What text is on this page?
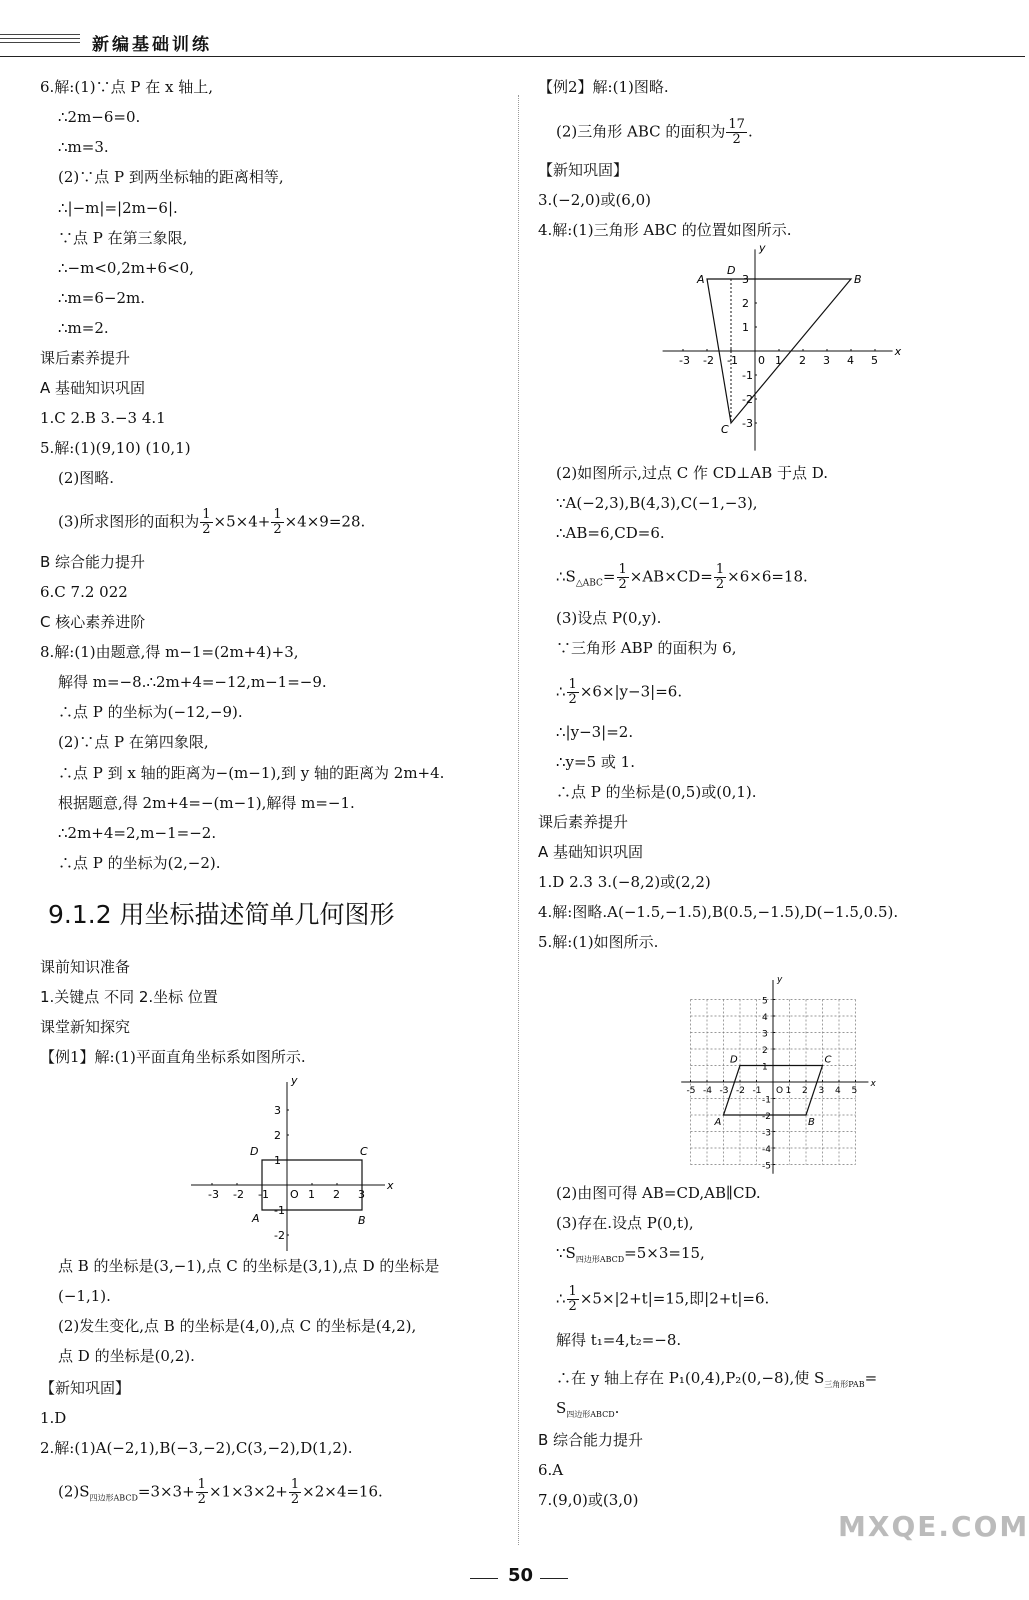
新编基础训练
6.解:(1)∵点 P 在 x 轴上,
∴2m−6=0.
∴m=3.
(2)∵点 P 到两坐标轴的距离相等,
∴|−m|=|2m−6|.
∵点 P 在第三象限,
∴−m<0,2m+6<0,
∴m=6−2m.
∴m=2.
课后素养提升
A 基础知识巩固
1.C 2.B 3.−3 4.1
5.解:(1)(9,10) (10,1)
(2)图略.
(3)所求图形的面积为 $\frac{1}{2} \times 5\times 4+ \frac{1}{2} \times 4\times 9=28$.
B 综合能力提升
6.C 7.2 022
C 核心素养进阶
8.解:(1)由题意,得 m−1=(2m+4)+3,
解得 m=−8.∴2m+4=−12,m−1=−9.
∴点 P 的坐标为(−12,−9).
(2)∵点 P 在第四象限,
∴点 P 到 x 轴的距离为−(m−1),到 y 轴的距离为 2m+4.
根据题意,得 2m+4=−(m−1),解得 m=−1.
∴2m+4=2,m−1=−2.
∴点 P 的坐标为(2,−2).
9.1.2 用坐标描述简单几何图形
课前知识准备
1.关键点 不同 2.坐标 位置
课堂新知探究
【例1】解:(1)平面直角坐标系如图所示.
x
y
O
-3 -2 -1	1 2 3
3
2
1
-1
-2
A	B
C
D
点 B 的坐标是(3,−1),点 C 的坐标是(3,1),点 D 的坐标是
(−1,1).
(2)发生变化,点 B 的坐标是(4,0),点 C 的坐标是(4,2),
点 D 的坐标是(0,2).
【新知巩固】
1.D
2.解:(1)A(−2,1),B(−3,−2),C(3,−2),D(1,2).
$(2)S_{四边形ABCD}=3\times 3+ \frac{1}{2} \times 1\times 3\times 2+ \frac{1}{2} \times 2\times 4=16$.
【例2】解:(1)图略.
(2)三角形 ABC 的面积为 $\frac{17}{2}$ .
【新知巩固】
3.(−2,0)或(6,0)
4.解:(1)三角形 ABC 的位置如图所示.
x
y
0
-3 -2 -1	1 2 3 4 5
3
2
1
-1
-2
-3
A	B
C
D
(2)如图所示,过点 C 作 CD⊥AB 于点 D.
∵A(−2,3),B(4,3),C(−1,−3),
∴AB=6,CD=6.
$\therefore S_{\triangle ABC}= \frac{1}{2} \times AB\times CD= \frac{1}{2} \times 6\times 6=18$.
(3)设点 P(0,y).
∵三角形 ABP 的面积为 6,
∴ $\frac{1}{2} \times 6\times|y-3|=6$.
∴|y−3|=2.
∴y=5 或 1.
∴点 P 的坐标是(0,5)或(0,1).
课后素养提升
A 基础知识巩固
1.D 2.3 3.(−8,2)或(2,2)
4.解:图略.A(−1.5,−1.5),B(0.5,−1.5),D(−1.5,0.5).
5.解:(1)如图所示.
x
y
O
-5 -4 -3 -2 -1	1 2 3 4 5
5
4
3
2
1
-1
-2
-3
-4
-5
A	B
C
D
(2)由图可得 AB=CD,AB∥CD.
(3)存在.设点 P(0,t),
$\because S_{四边形ABCD}=5\times 3=15$,
∴ $\frac{1}{2} \times 5\times|2+t|=15$,即|2+t|=6.
解得 t₁=4,t₂=−8.
∴在 y 轴上存在 P₁(0,4),P₂(0,−8),使 $S_{三角形PAB}=$
$S_{四边形ABCD}$.
B 综合能力提升
6.A
7.(9,0)或(3,0)
MXQE.COM
50
